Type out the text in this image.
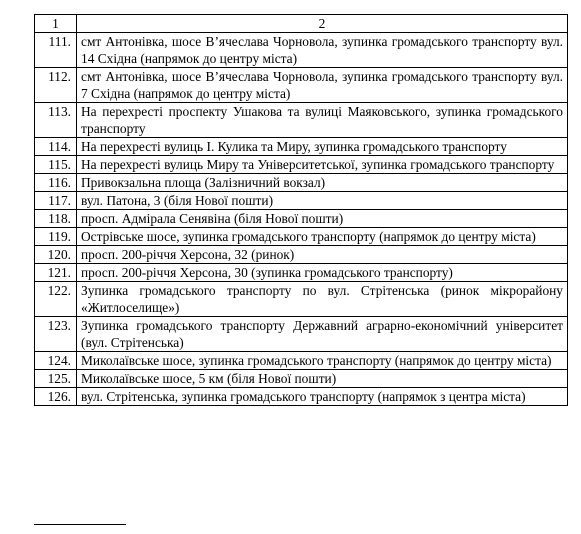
1	2
111.	смт Антонівка, шосе В’ячеслава Чорновола, зупинка громадського транспорту вул. 14 Східна (напрямок до центру міста)
112.	смт Антонівка, шосе В’ячеслава Чорновола, зупинка громадського транспорту вул. 7 Східна (напрямок до центру міста)
113.	На перехресті проспекту Ушакова та вулиці Маяковського, зупинка громадського транспорту
114.	На перехресті вулиць І. Кулика та Миру, зупинка громадського транспорту
115.	На перехресті вулиць Миру та Університетської, зупинка громадського транспорту
116.	Привокзальна площа (Залізничний вокзал)
117.	вул. Патона, 3 (біля Нової пошти)
118.	просп. Адмірала Сенявіна (біля Нової пошти)
119.	Острівське шосе, зупинка громадського транспорту (напрямок до центру міста)
120.	просп. 200-річчя Херсона, 32 (ринок)
121.	просп. 200-річчя Херсона, 30 (зупинка громадського транспорту)
122.	Зупинка громадського транспорту по вул. Стрітенська (ринок мікрорайону «Житлоселище»)
123.	Зупинка громадського транспорту Державний аграрно-економічний університет (вул. Стрітенська)
124.	Миколаївське шосе, зупинка громадського транспорту (напрямок до центру міста)
125.	Миколаївське шосе, 5 км (біля Нової пошти)
126.	вул. Стрітенська, зупинка громадського транспорту (напрямок з центра міста)
